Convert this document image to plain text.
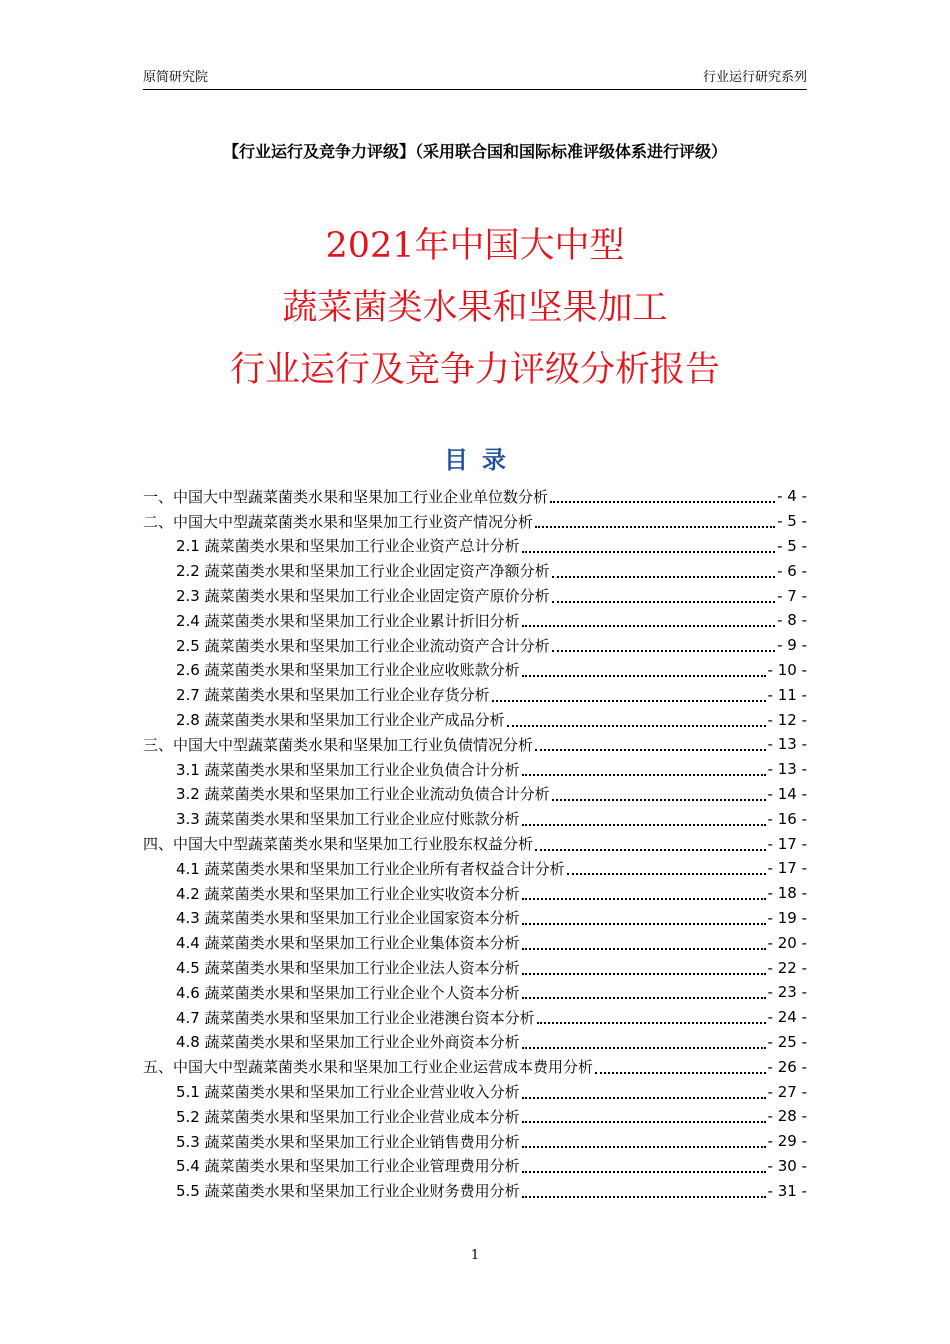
原简研究院	行业运行研究系列
【行业运行及竞争力评级】（采用联合国和国际标准评级体系进行评级）
2021年中国大中型
蔬菜菌类水果和坚果加工
行业运行及竞争力评级分析报告
目录
一、中国大中型蔬菜菌类水果和坚果加工行业企业单位数分析	- 4 -
二、中国大中型蔬菜菌类水果和坚果加工行业资产情况分析	- 5 -
2.1 蔬菜菌类水果和坚果加工行业企业资产总计分析	- 5 -
2.2 蔬菜菌类水果和坚果加工行业企业固定资产净额分析	- 6 -
2.3 蔬菜菌类水果和坚果加工行业企业固定资产原价分析	- 7 -
2.4 蔬菜菌类水果和坚果加工行业企业累计折旧分析	- 8 -
2.5 蔬菜菌类水果和坚果加工行业企业流动资产合计分析	- 9 -
2.6 蔬菜菌类水果和坚果加工行业企业应收账款分析	- 10 -
2.7 蔬菜菌类水果和坚果加工行业企业存货分析	- 11 -
2.8 蔬菜菌类水果和坚果加工行业企业产成品分析	- 12 -
三、中国大中型蔬菜菌类水果和坚果加工行业负债情况分析	- 13 -
3.1 蔬菜菌类水果和坚果加工行业企业负债合计分析	- 13 -
3.2 蔬菜菌类水果和坚果加工行业企业流动负债合计分析	- 14 -
3.3 蔬菜菌类水果和坚果加工行业企业应付账款分析	- 16 -
四、中国大中型蔬菜菌类水果和坚果加工行业股东权益分析	- 17 -
4.1 蔬菜菌类水果和坚果加工行业企业所有者权益合计分析	- 17 -
4.2 蔬菜菌类水果和坚果加工行业企业实收资本分析	- 18 -
4.3 蔬菜菌类水果和坚果加工行业企业国家资本分析	- 19 -
4.4 蔬菜菌类水果和坚果加工行业企业集体资本分析	- 20 -
4.5 蔬菜菌类水果和坚果加工行业企业法人资本分析	- 22 -
4.6 蔬菜菌类水果和坚果加工行业企业个人资本分析	- 23 -
4.7 蔬菜菌类水果和坚果加工行业企业港澳台资本分析	- 24 -
4.8 蔬菜菌类水果和坚果加工行业企业外商资本分析	- 25 -
五、中国大中型蔬菜菌类水果和坚果加工行业企业运营成本费用分析	- 26 -
5.1 蔬菜菌类水果和坚果加工行业企业营业收入分析	- 27 -
5.2 蔬菜菌类水果和坚果加工行业企业营业成本分析	- 28 -
5.3 蔬菜菌类水果和坚果加工行业企业销售费用分析	- 29 -
5.4 蔬菜菌类水果和坚果加工行业企业管理费用分析	- 30 -
5.5 蔬菜菌类水果和坚果加工行业企业财务费用分析	- 31 -
1
